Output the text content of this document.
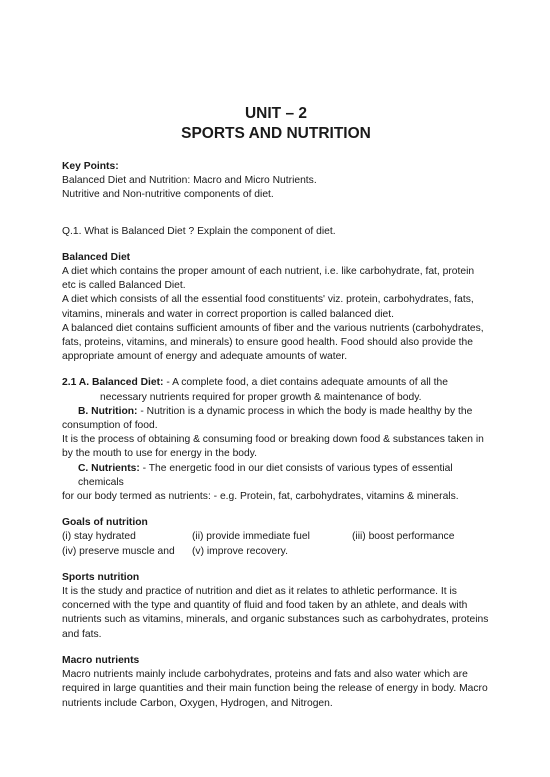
UNIT – 2
SPORTS AND NUTRITION

Key Points:

Balanced Diet and Nutrition: Macro and Micro Nutrients.

Nutritive and Non-nutritive components of diet.

Q.1. What is Balanced Diet ? Explain the component of diet.

Balanced Diet

A diet which contains the proper amount of each nutrient, i.e. like carbohydrate, fat, protein

etc is called Balanced Diet.

A diet which consists of all the essential food constituents' viz. protein, carbohydrates, fats,

vitamins, minerals and water in correct proportion is called balanced diet.

A balanced diet contains sufficient amounts of fiber and the various nutrients (carbohydrates,

fats, proteins, vitamins, and minerals) to ensure good health. Food should also provide the

appropriate amount of energy and adequate amounts of water.

2.1 A. Balanced Diet: - A complete food, a diet contains adequate amounts of all the

necessary nutrients required for proper growth & maintenance of body.

B. Nutrition: - Nutrition is a dynamic process in which the body is made healthy by the

consumption of food.

It is the process of obtaining & consuming food or breaking down food & substances taken in

by the mouth to use for energy in the body.

C. Nutrients: - The energetic food in our diet consists of various types of essential chemicals

for our body termed as nutrients: - e.g. Protein, fat, carbohydrates, vitamins & minerals.

Goals of nutrition

(i) stay hydrated	(ii) provide immediate fuel	(iii) boost performance
(iv) preserve muscle and	(v) improve recovery.

Sports nutrition

It is the study and practice of nutrition and diet as it relates to athletic performance. It is

concerned with the type and quantity of fluid and food taken by an athlete, and deals with

nutrients such as vitamins, minerals, and organic substances such as carbohydrates, proteins

and fats.

Macro nutrients

Macro nutrients mainly include carbohydrates, proteins and fats and also water which are

required in large quantities and their main function being the release of energy in body. Macro

nutrients include Carbon, Oxygen, Hydrogen, and Nitrogen.
